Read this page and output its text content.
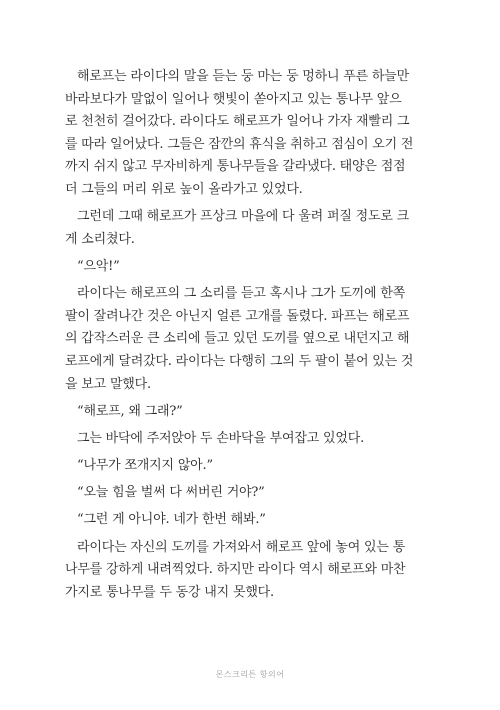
해로프는 라이다의 말을 듣는 둥 마는 둥 멍하니 푸른 하늘만
바라보다가 말없이 일어나 햇빛이 쏟아지고 있는 통나무 앞으
로 천천히 걸어갔다. 라이다도 해로프가 일어나 가자 재빨리 그
를 따라 일어났다. 그들은 잠깐의 휴식을 취하고 점심이 오기 전
까지 쉬지 않고 무자비하게 통나무들을 갈라냈다. 태양은 점점
더 그들의 머리 위로 높이 올라가고 있었다.

그런데 그때 해로프가 프상크 마을에 다 울려 퍼질 정도로 크
게 소리쳤다.

“으악!”

라이다는 해로프의 그 소리를 듣고 혹시나 그가 도끼에 한쪽
팔이 잘려나간 것은 아닌지 얼른 고개를 돌렸다. 파프는 해로프
의 갑작스러운 큰 소리에 들고 있던 도끼를 옆으로 내던지고 해
로프에게 달려갔다. 라이다는 다행히 그의 두 팔이 붙어 있는 것
을 보고 말했다.

“해로프, 왜 그래?”

그는 바닥에 주저앉아 두 손바닥을 부여잡고 있었다.

“나무가 쪼개지지 않아.”

“오늘 힘을 벌써 다 써버린 거야?”

“그런 게 아니야. 네가 한번 해봐.”

라이다는 자신의 도끼를 가져와서 해로프 앞에 놓여 있는 통
나무를 강하게 내려찍었다. 하지만 라이다 역시 해로프와 마찬
가지로 통나무를 두 동강 내지 못했다.

몬스크리튼 항의어
